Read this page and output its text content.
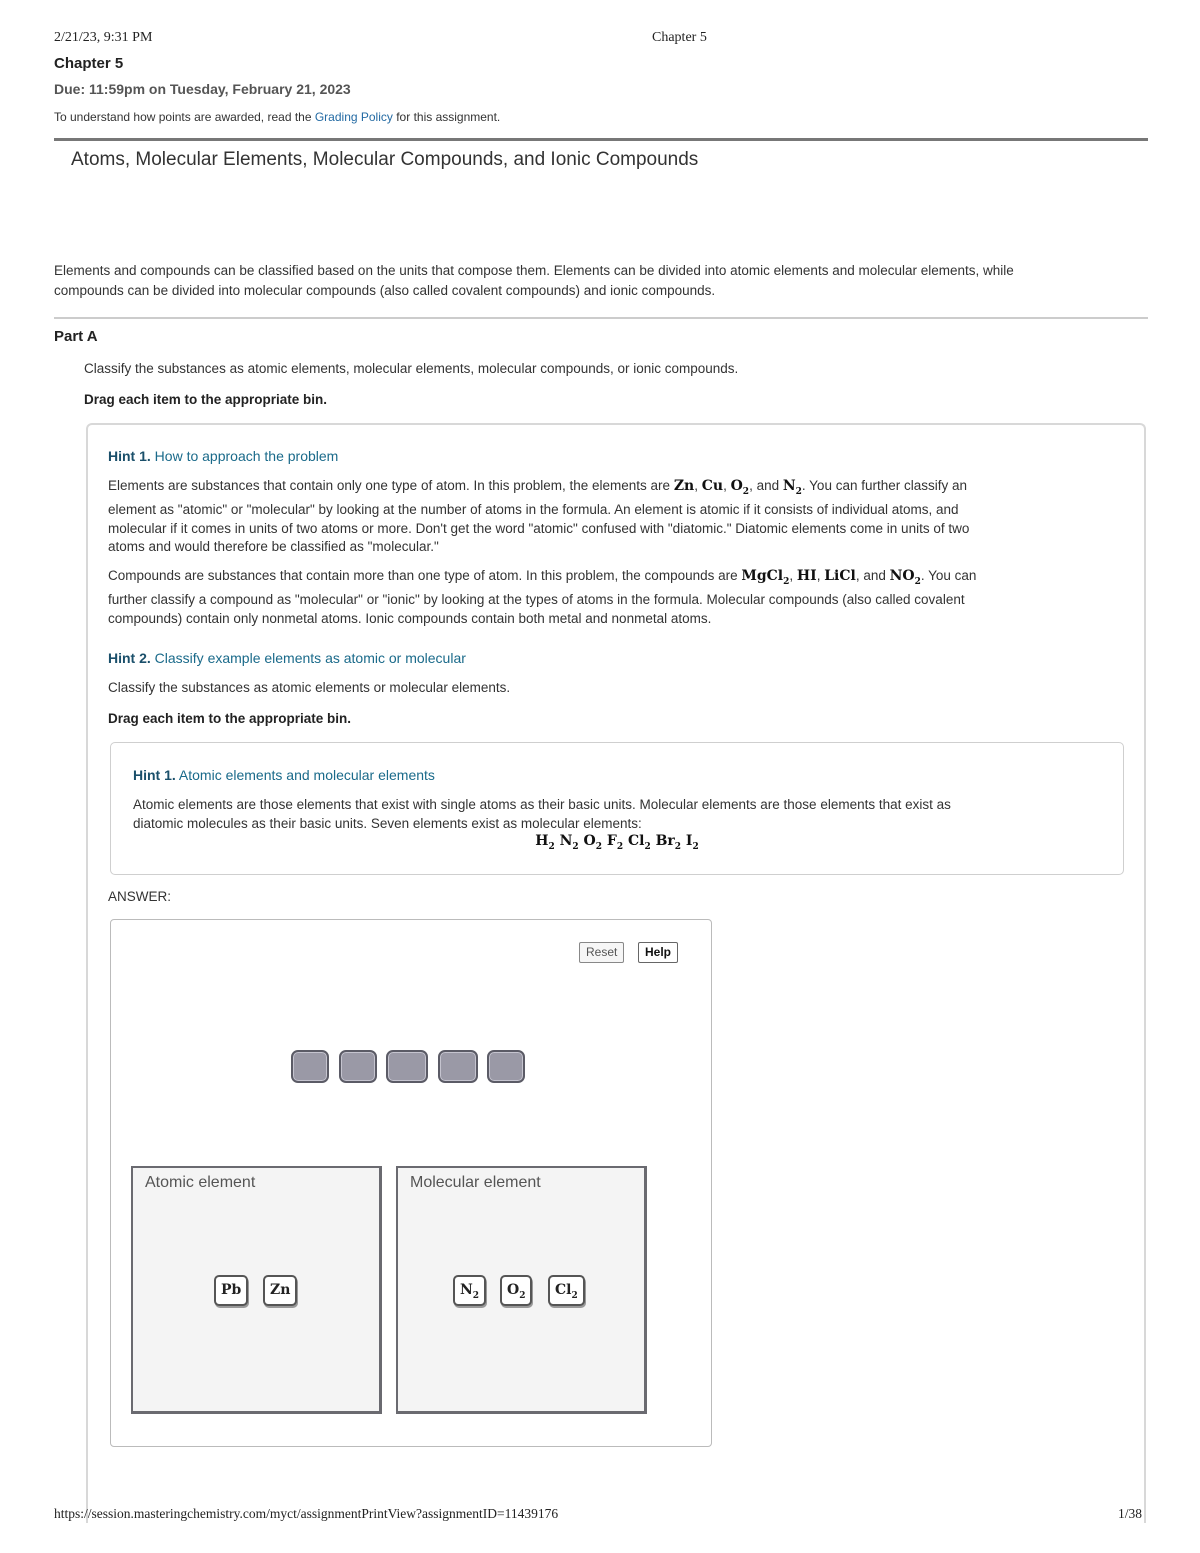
2/21/23, 9:31 PM	Chapter 5
Chapter 5
Due: 11:59pm on Tuesday, February 21, 2023
To understand how points are awarded, read the Grading Policy for this assignment.
Atoms, Molecular Elements, Molecular Compounds, and Ionic Compounds
Elements and compounds can be classified based on the units that compose them. Elements can be divided into atomic elements and molecular elements, while
compounds can be divided into molecular compounds (also called covalent compounds) and ionic compounds.
Part A
Classify the substances as atomic elements, molecular elements, molecular compounds, or ionic compounds.
Drag each item to the appropriate bin.
Hint 1. How to approach the problem
Elements are substances that contain only one type of atom. In this problem, the elements are Zn, Cu, $O_2$, and $N_2$. You can further classify an
element as "atomic" or "molecular" by looking at the number of atoms in the formula. An element is atomic if it consists of individual atoms, and
molecular if it comes in units of two atoms or more. Don't get the word "atomic" confused with "diatomic." Diatomic elements come in units of two
atoms and would therefore be classified as "molecular."
Compounds are substances that contain more than one type of atom. In this problem, the compounds are MgCl$_2$, HI, LiCl, and $NO_2$. You can
further classify a compound as "molecular" or "ionic" by looking at the types of atoms in the formula. Molecular compounds (also called covalent
compounds) contain only nonmetal atoms. Ionic compounds contain both metal and nonmetal atoms.
Hint 2. Classify example elements as atomic or molecular
Classify the substances as atomic elements or molecular elements.
Drag each item to the appropriate bin.
Hint 1. Atomic elements and molecular elements
Atomic elements are those elements that exist with single atoms as their basic units. Molecular elements are those elements that exist as
diatomic molecules as their basic units. Seven elements exist as molecular elements:
$H_2$ $N_2$ $O_2$ $F_2$ $Cl_2$ $Br_2$ $I_2$
ANSWER:
Reset	Help
Atomic element	Molecular element
Pb	Zn	$N_2$	$O_2$	$Cl_2$
https://session.masteringchemistry.com/myct/assignmentPrintView?assignmentID=11439176	1/38
